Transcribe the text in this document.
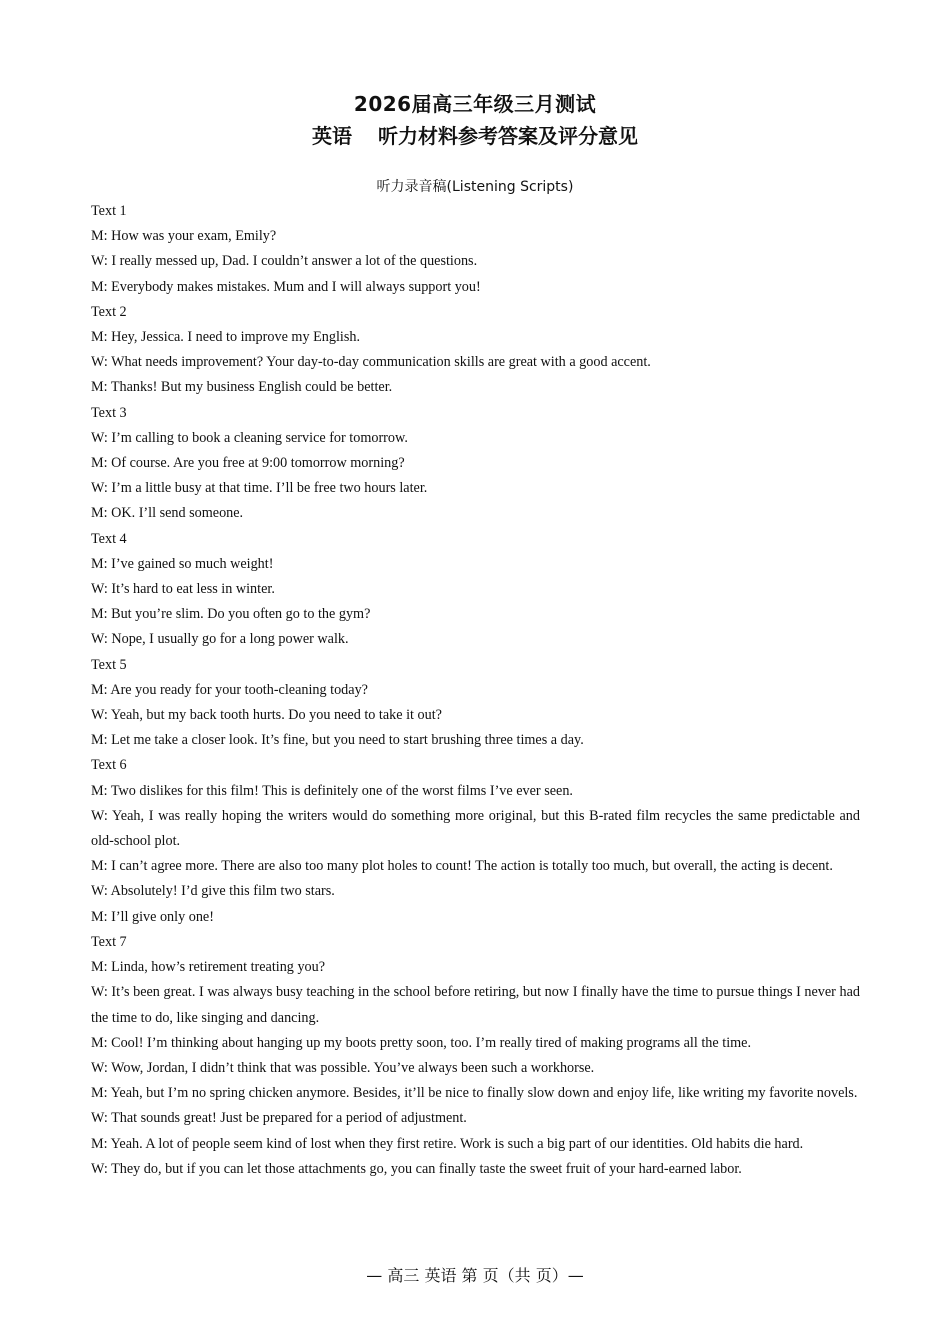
2026届高三年级三月测试
英语 听力材料参考答案及评分意见
听力录音稿(Listening Scripts)
Text 1
M: How was your exam, Emily?
W: I really messed up, Dad. I couldn’t answer a lot of the questions.
M: Everybody makes mistakes. Mum and I will always support you!
Text 2
M: Hey, Jessica. I need to improve my English.
W: What needs improvement? Your day-to-day communication skills are great with a good accent.
M: Thanks! But my business English could be better.
Text 3
W: I’m calling to book a cleaning service for tomorrow.
M: Of course. Are you free at 9:00 tomorrow morning?
W: I’m a little busy at that time. I’ll be free two hours later.
M: OK. I’ll send someone.
Text 4
M: I’ve gained so much weight!
W: It’s hard to eat less in winter.
M: But you’re slim. Do you often go to the gym?
W: Nope, I usually go for a long power walk.
Text 5
M: Are you ready for your tooth-cleaning today?
W: Yeah, but my back tooth hurts. Do you need to take it out?
M: Let me take a closer look. It’s fine, but you need to start brushing three times a day.
Text 6
M: Two dislikes for this film! This is definitely one of the worst films I’ve ever seen.
W: Yeah, I was really hoping the writers would do something more original, but this B-rated film recycles the same predictable and old-school plot.
M: I can’t agree more. There are also too many plot holes to count! The action is totally too much, but overall, the acting is decent.
W: Absolutely! I’d give this film two stars.
M: I’ll give only one!
Text 7
M: Linda, how’s retirement treating you?
W: It’s been great. I was always busy teaching in the school before retiring, but now I finally have the time to pursue things I never had the time to do, like singing and dancing.
M: Cool! I’m thinking about hanging up my boots pretty soon, too. I’m really tired of making programs all the time.
W: Wow, Jordan, I didn’t think that was possible. You’ve always been such a workhorse.
M: Yeah, but I’m no spring chicken anymore. Besides, it’ll be nice to finally slow down and enjoy life, like writing my favorite novels.
W: That sounds great! Just be prepared for a period of adjustment.
M: Yeah. A lot of people seem kind of lost when they first retire. Work is such a big part of our identities. Old habits die hard.
W: They do, but if you can let those attachments go, you can finally taste the sweet fruit of your hard-earned labor.
— 高三 英语 第 页（共 页）—
